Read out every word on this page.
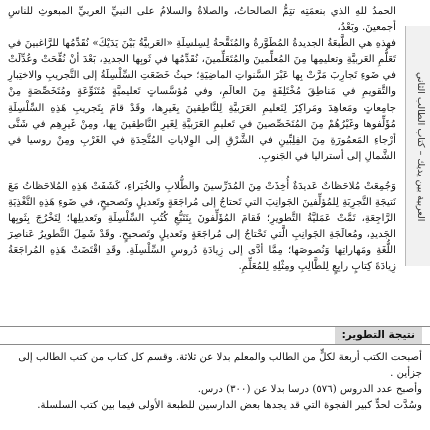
العربية بين يديك – كتاب الطالب الثاني

الحمدُ للهِ الذي بنعمَتِه تتِمُّ الصالحاتُ، والصلاةُ والسلامُ على النبيِّ العربيِّ المبعوثِ للناسِ أجمعينَ. وبَعْدُ،

فهذهِ هي الطَّبعَةُ الجديدةُ المُطَوَّرةُ والمُنَقَّحةُ لِسِلسِلَةِ «العَربيَّةُ بَيْنَ يَدَيْكَ» نُقَدِّمُها للرَّاغبينَ في تَعَلُّمِ العَربيَّةِ وتعليمِها مِنَ المُعلِّمينَ والمُتَعَلِّمينَ، نُقَدِّمُها في ثَوبِها الجديدِ، بَعْدَ أنْ نُقِّحَتْ وعُدِّلَتْ في ضَوءِ تَجارِبَ مَرَّتْ بِها عَبْرَ السَّنواتِ الماضِيَةِ؛ حيثُ خَضَعَتِ السِّلْسِلَةُ إلى التَّجريبِ والاختِبارِ والتَّقويمِ في مَناطِقَ مُخْتَلِفَةٍ مِنَ العالَمِ، وفي مُؤسَّساتٍ تَعليميَّةٍ مُتَنَوِّعَةٍ ومُتَخَصِّصَةٍ مِنْ جامِعاتٍ ومَعاهِدَ ومَراكِزَ لِتَعليمِ العَرَبيَّةِ لِلنَّاطِقينَ بِغَيرِها، وقَدْ قامَ بِتَجريبِ هَذِهِ السِّلْسِلَةِ مُؤَلِّفوها وغَيْرُهُمْ مِنَ المُتَخَصِّصينَ في تَعليمِ العَرَبيَّةِ لِغَيرِ النَّاطِقينَ بِها، ومِنْ غَيرِهِم في شَتَّى أرْجاءِ المَعمُورَةِ مِنَ الفِلِبِّينِ في الشَّرْقِ إلى الوِلاياتِ المُتَّحِدَةِ في الغَرْبِ ومِنْ روسيا في الشَّمالِ إلى أستراليا في الجَنوبِ.

وَجُمِعَتْ مُلاحَظاتٌ عَديدَةٌ أُخِذَتْ مِنَ المُدَرِّسينَ والطُّلابِ والخُبَراءِ، كَشَفَتْ هَذِهِ المُلاحَظاتُ مَعَ نَتيجَةِ التَّجرِبَةِ لِلمُؤلِّفينَ الجَوانِبَ التي تَحتاجُ إلى مُراجَعَةٍ وتَعديلٍ وتَصحيحٍ، في ضَوءِ هَذِهِ التَّغْذِيَةِ الرَّاجِعَةِ، تَمَّتْ عَمَليَّةُ التَّطويرِ؛ فَقامَ المُؤَلِّفونَ بِتَتَبُّعِ كُتُبِ السِّلْسِلَةِ وتَعديلِها؛ لِتَخْرُجَ بِثَوبِها الجَديدِ، ومُعالَجَةِ الجَوانِبِ الَّتي تَحْتاجُ إلى مُراجَعَةٍ وتَعديلٍ وتَصحيحٍ. وقَدْ شَمِلَ التَّطويرُ عَناصِرَ اللُّغَةِ ومَهاراتِها وَنُصوصَها؛ مِمَّا أدَّى إلى زِيادَةِ دُروسِ السِّلْسِلَةِ. وقَدِ اقْتَضَتْ هَذِهِ المُراجَعَةُ زِيادَةَ كِتابٍ رابِعٍ لِلطَّالِبِ ومِثْلِهِ لِلمُعَلِّمِ.

نتيجة التطوير:

أصبحت الكتب أربعة لكلٍّ من الطالب والمعلم بدلا عن ثلاثة. وقسم كل كتاب من كتب الطالب إلى جزأين .

وأصبح عدد الدروس (٥٧٦) درسا بدلا عن (٣٠٠) درس.

وسُدَّت لحدٍّ كبير الفجوة التي قد يجدها بعض الدارسين للطبعة الأولى فيما بين كتب السلسلة.
